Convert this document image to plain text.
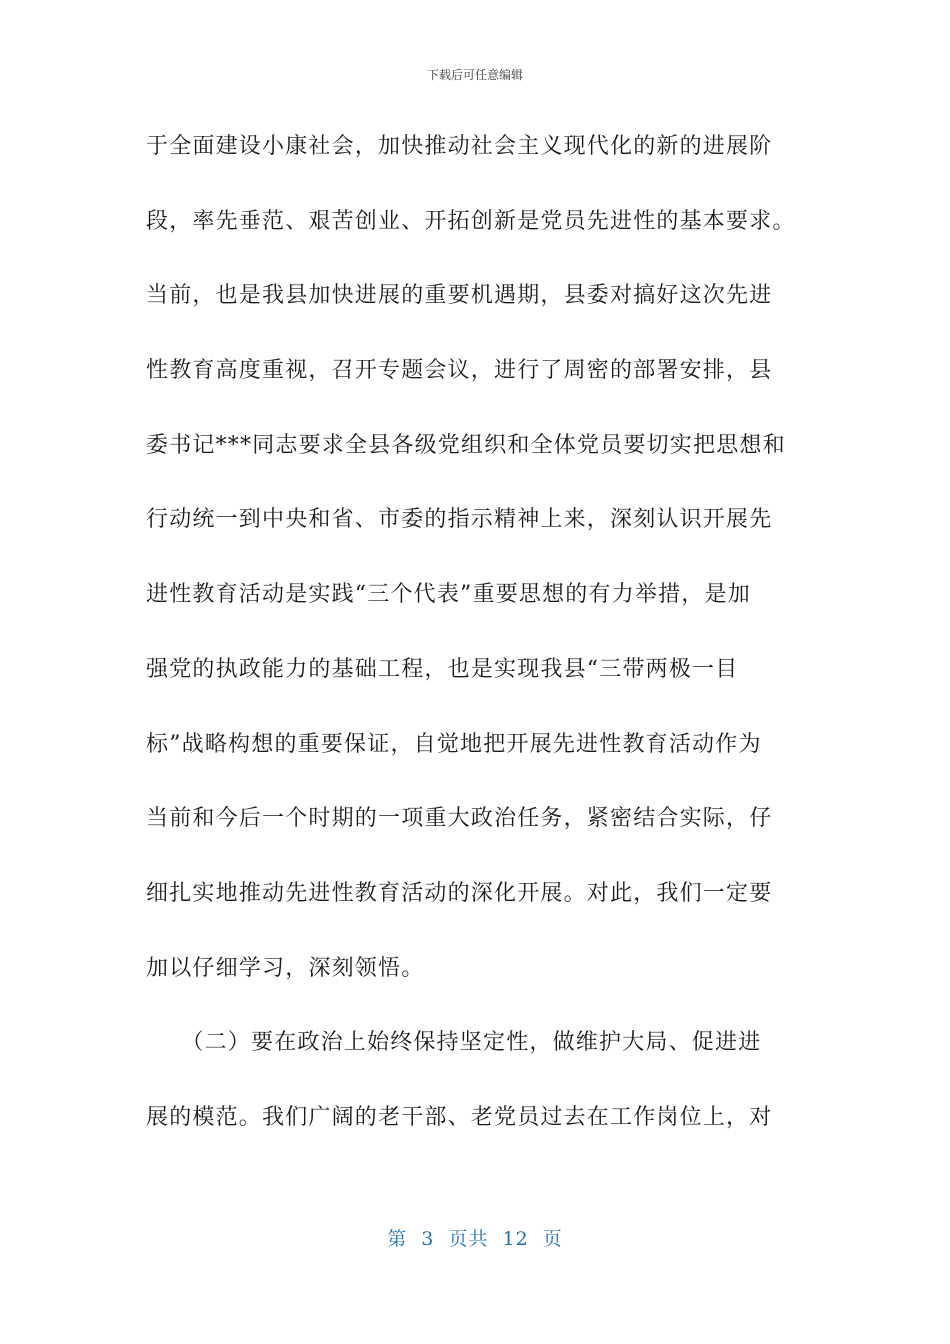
下载后可任意编辑
于全面建设小康社会，加快推动社会主义现代化的新的进展阶
段，率先垂范、艰苦创业、开拓创新是党员先进性的基本要求。
当前，也是我县加快进展的重要机遇期，县委对搞好这次先进
性教育高度重视，召开专题会议，进行了周密的部署安排，县
委书记***同志要求全县各级党组织和全体党员要切实把思想和
行动统一到中央和省、市委的指示精神上来，深刻认识开展先
进性教育活动是实践“三个代表”重要思想的有力举措，是加
强党的执政能力的基础工程，也是实现我县“三带两极一目
标”战略构想的重要保证，自觉地把开展先进性教育活动作为
当前和今后一个时期的一项重大政治任务，紧密结合实际，仔
细扎实地推动先进性教育活动的深化开展。对此，我们一定要
加以仔细学习，深刻领悟。
　　（二）要在政治上始终保持坚定性，做维护大局、促进进
展的模范。我们广阔的老干部、老党员过去在工作岗位上，对
第  3  页共  12  页
